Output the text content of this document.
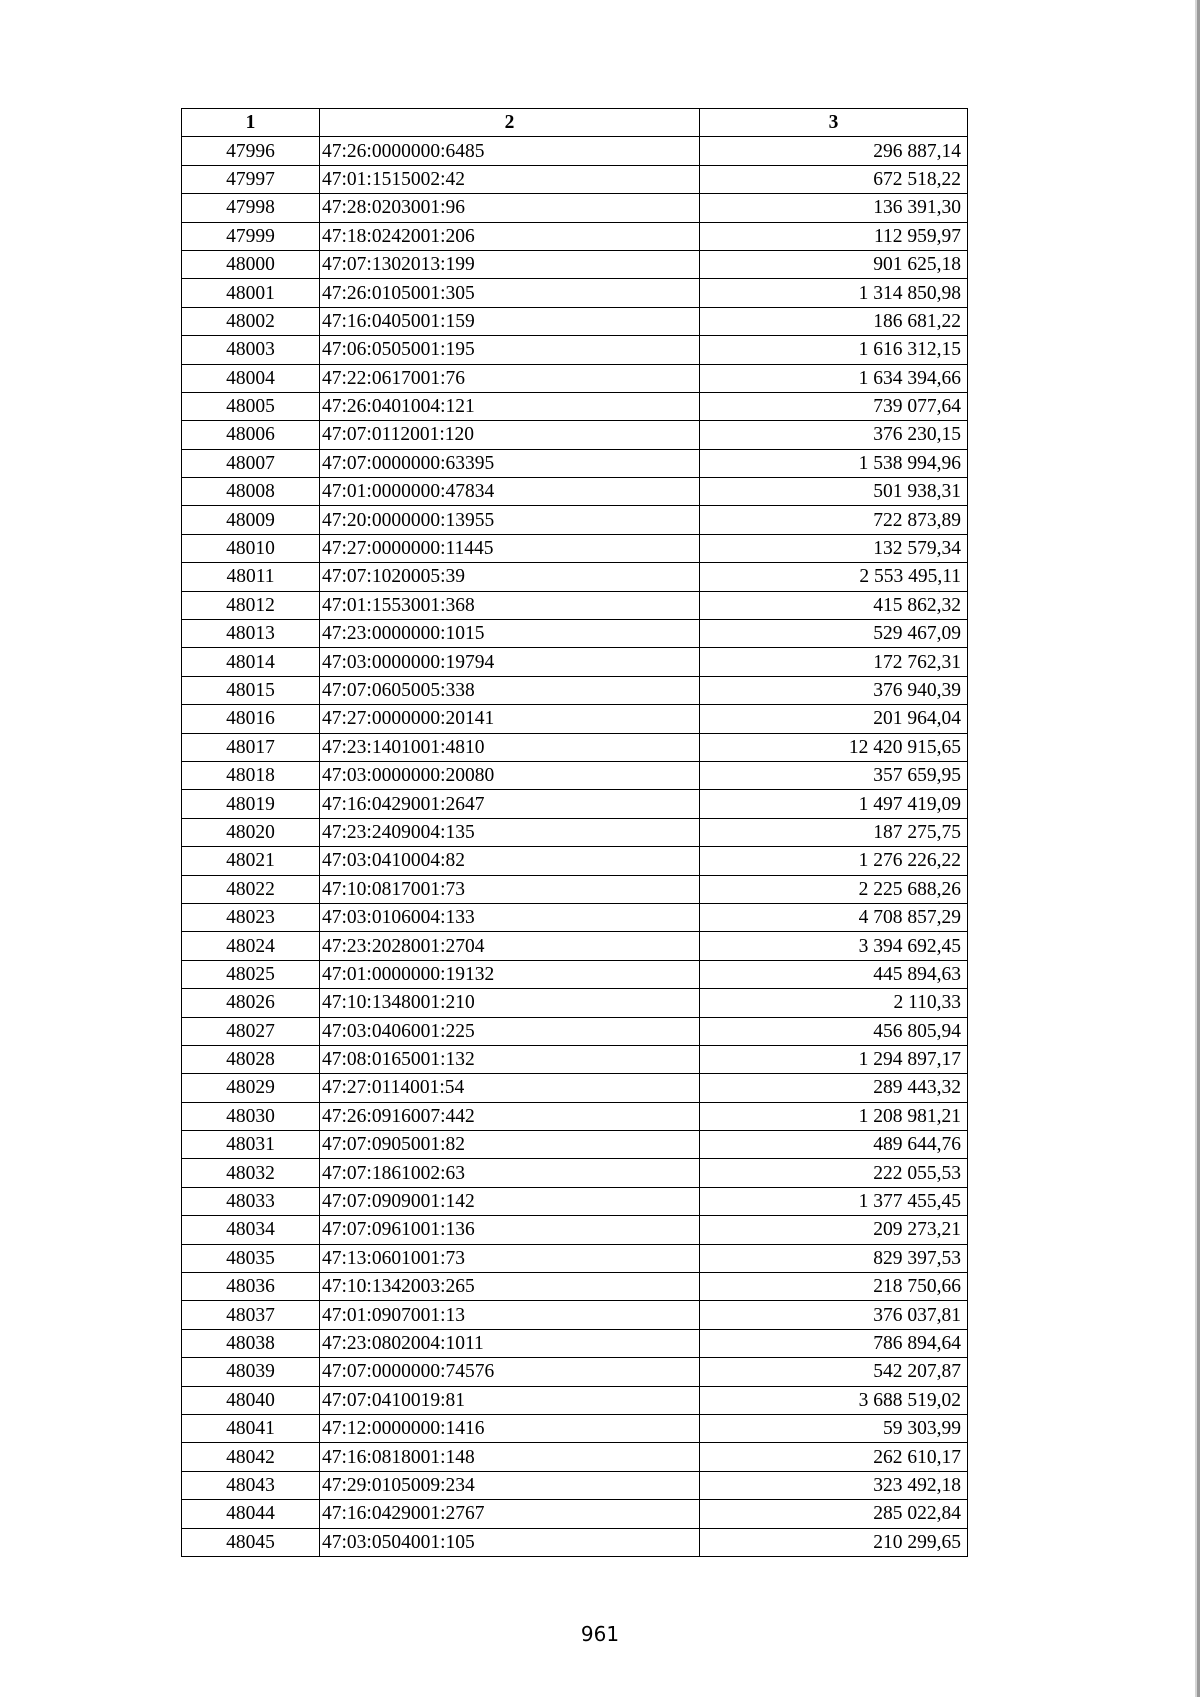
1	2	3
47996	47:26:0000000:6485	296 887,14
47997	47:01:1515002:42	672 518,22
47998	47:28:0203001:96	136 391,30
47999	47:18:0242001:206	112 959,97
48000	47:07:1302013:199	901 625,18
48001	47:26:0105001:305	1 314 850,98
48002	47:16:0405001:159	186 681,22
48003	47:06:0505001:195	1 616 312,15
48004	47:22:0617001:76	1 634 394,66
48005	47:26:0401004:121	739 077,64
48006	47:07:0112001:120	376 230,15
48007	47:07:0000000:63395	1 538 994,96
48008	47:01:0000000:47834	501 938,31
48009	47:20:0000000:13955	722 873,89
48010	47:27:0000000:11445	132 579,34
48011	47:07:1020005:39	2 553 495,11
48012	47:01:1553001:368	415 862,32
48013	47:23:0000000:1015	529 467,09
48014	47:03:0000000:19794	172 762,31
48015	47:07:0605005:338	376 940,39
48016	47:27:0000000:20141	201 964,04
48017	47:23:1401001:4810	12 420 915,65
48018	47:03:0000000:20080	357 659,95
48019	47:16:0429001:2647	1 497 419,09
48020	47:23:2409004:135	187 275,75
48021	47:03:0410004:82	1 276 226,22
48022	47:10:0817001:73	2 225 688,26
48023	47:03:0106004:133	4 708 857,29
48024	47:23:2028001:2704	3 394 692,45
48025	47:01:0000000:19132	445 894,63
48026	47:10:1348001:210	2 110,33
48027	47:03:0406001:225	456 805,94
48028	47:08:0165001:132	1 294 897,17
48029	47:27:0114001:54	289 443,32
48030	47:26:0916007:442	1 208 981,21
48031	47:07:0905001:82	489 644,76
48032	47:07:1861002:63	222 055,53
48033	47:07:0909001:142	1 377 455,45
48034	47:07:0961001:136	209 273,21
48035	47:13:0601001:73	829 397,53
48036	47:10:1342003:265	218 750,66
48037	47:01:0907001:13	376 037,81
48038	47:23:0802004:1011	786 894,64
48039	47:07:0000000:74576	542 207,87
48040	47:07:0410019:81	3 688 519,02
48041	47:12:0000000:1416	59 303,99
48042	47:16:0818001:148	262 610,17
48043	47:29:0105009:234	323 492,18
48044	47:16:0429001:2767	285 022,84
48045	47:03:0504001:105	210 299,65
961
